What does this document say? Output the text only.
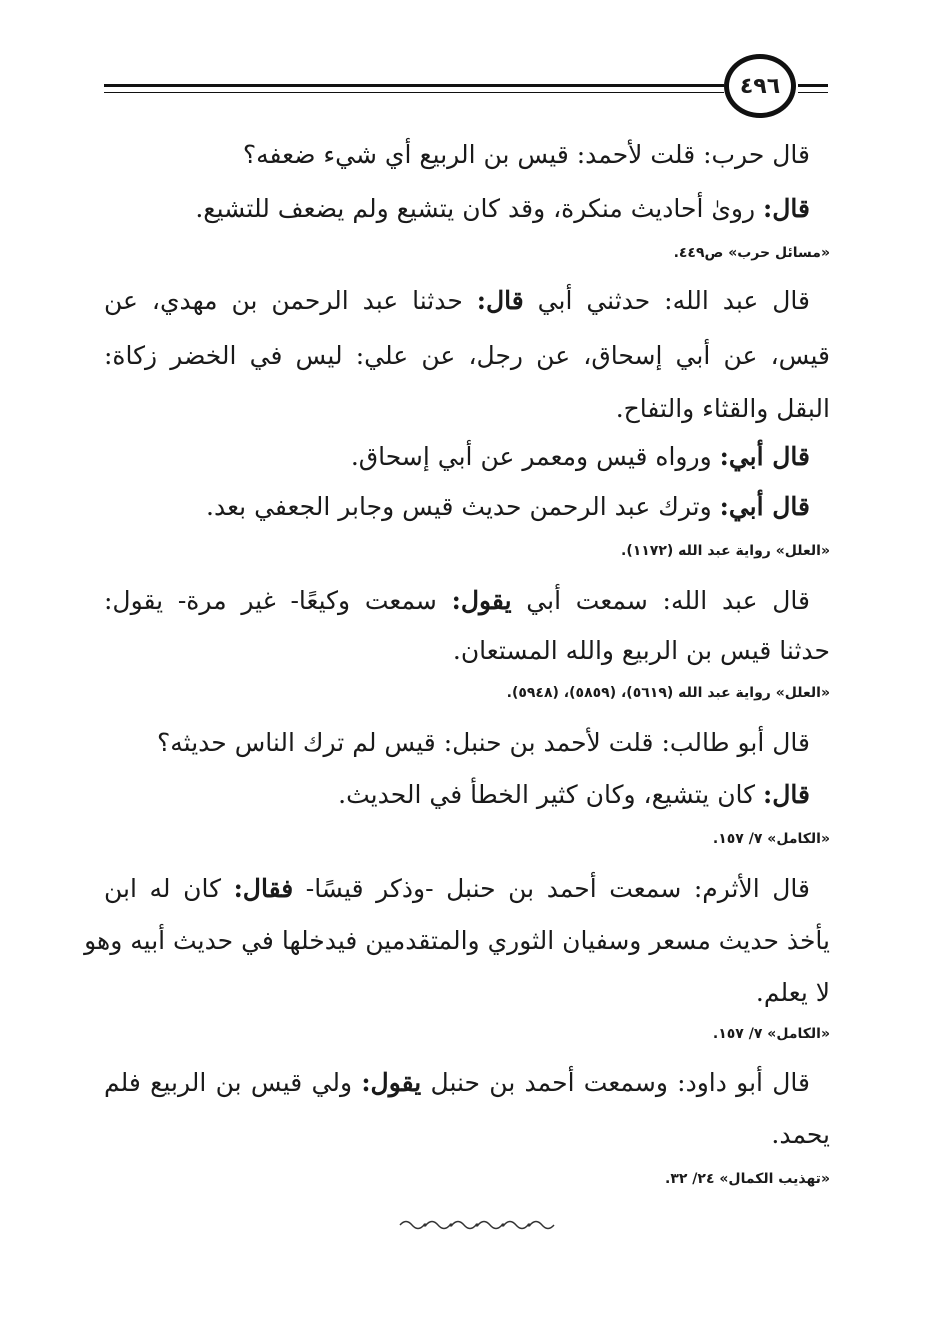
٤٩٦
قال حرب: قلت لأحمد: قيس بن الربيع أي شيء ضعفه؟
قال: رویٰ أحاديث منكرة، وقد كان يتشيع ولم يضعف للتشيع.
«مسائل حرب» ص٤٤٩.
قال عبد الله: حدثني أبي قال: حدثنا عبد الرحمن بن مهدي، عن
قيس، عن أبي إسحاق، عن رجل، عن علي: ليس في الخضر زكاة:
البقل والقثاء والتفاح.
قال أبي: ورواه قيس ومعمر عن أبي إسحاق.
قال أبي: وترك عبد الرحمن حديث قيس وجابر الجعفي بعد.
«العلل» رواية عبد الله (١١٧٢).
قال عبد الله: سمعت أبي يقول: سمعت وكيعًا- غير مرة- يقول:
حدثنا قيس بن الربيع والله المستعان.
«العلل» رواية عبد الله (٥٦١٩)، (٥٨٥٩)، (٥٩٤٨).
قال أبو طالب: قلت لأحمد بن حنبل: قيس لم ترك الناس حديثه؟
قال: كان يتشيع، وكان كثير الخطأ في الحديث.
«الكامل» ٧/ ١٥٧.
قال الأثرم: سمعت أحمد بن حنبل -وذكر قيسًا- فقال: كان له ابن
يأخذ حديث مسعر وسفيان الثوري والمتقدمين فيدخلها في حديث أبيه وهو
لا يعلم.
«الكامل» ٧/ ١٥٧.
قال أبو داود: وسمعت أحمد بن حنبل يقول: ولي قيس بن الربيع فلم
يحمد.
«تهذيب الكمال» ٢٤/ ٣٢.
